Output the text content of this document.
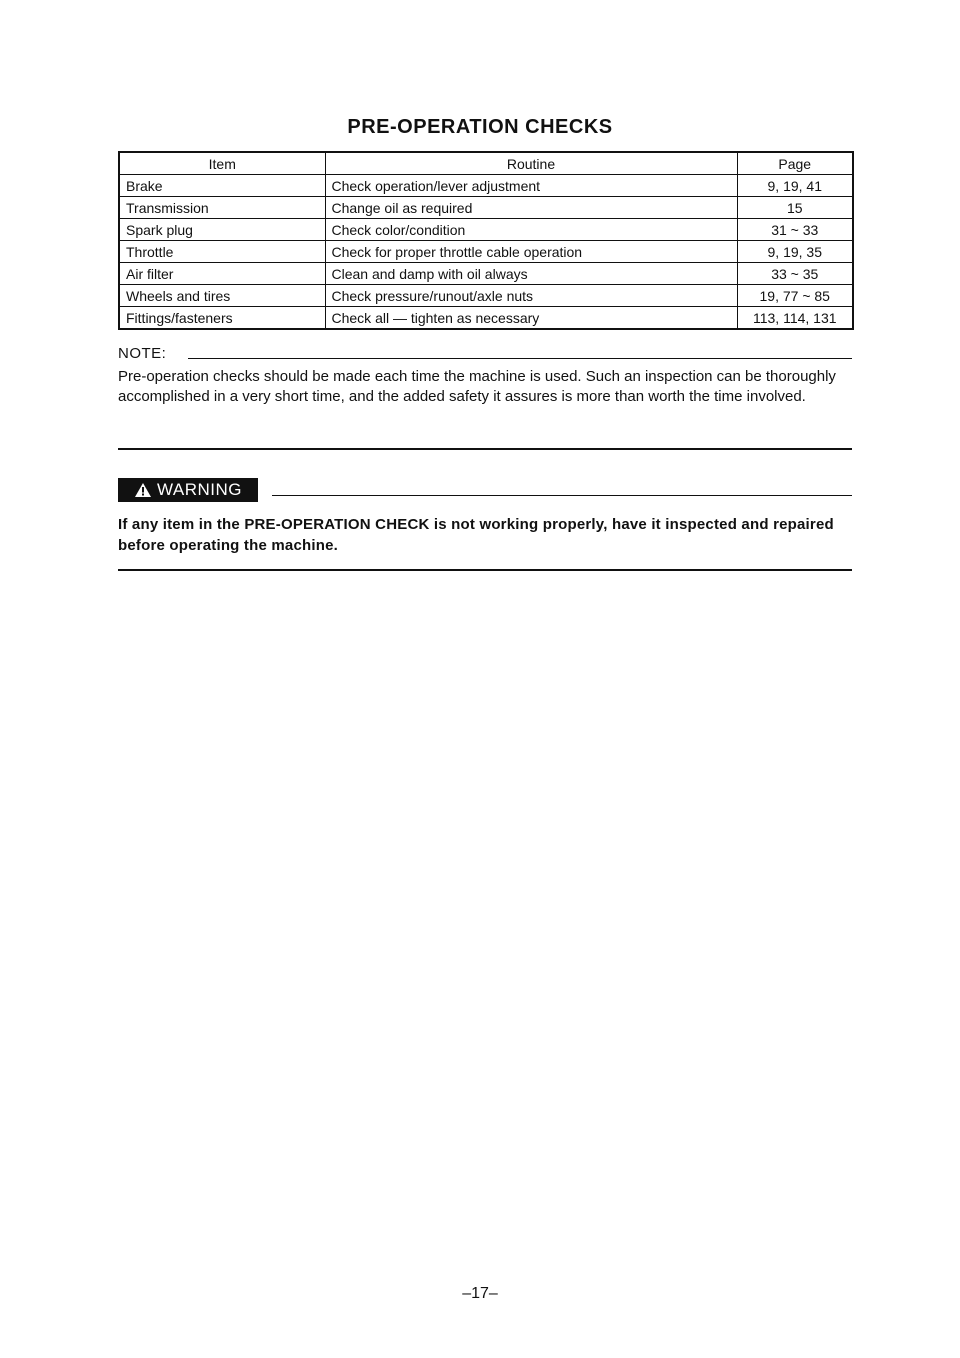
PRE-OPERATION CHECKS
Item	Routine	Page
Brake	Check operation/lever adjustment	9, 19, 41
Transmission	Change oil as required	15
Spark plug	Check color/condition	31 ~ 33
Throttle	Check for proper throttle cable operation	9, 19, 35
Air filter	Clean and damp with oil always	33 ~ 35
Wheels and tires	Check pressure/runout/axle nuts	19, 77 ~ 85
Fittings/fasteners	Check all — tighten as necessary	113, 114, 131
NOTE:
Pre-operation checks should be made each time the machine is used. Such an inspection can be thoroughly accomplished in a very short time, and the added safety it assures is more than worth the time involved.
WARNING
If any item in the PRE-OPERATION CHECK is not working properly, have it inspected and repaired before operating the machine.
–17–
